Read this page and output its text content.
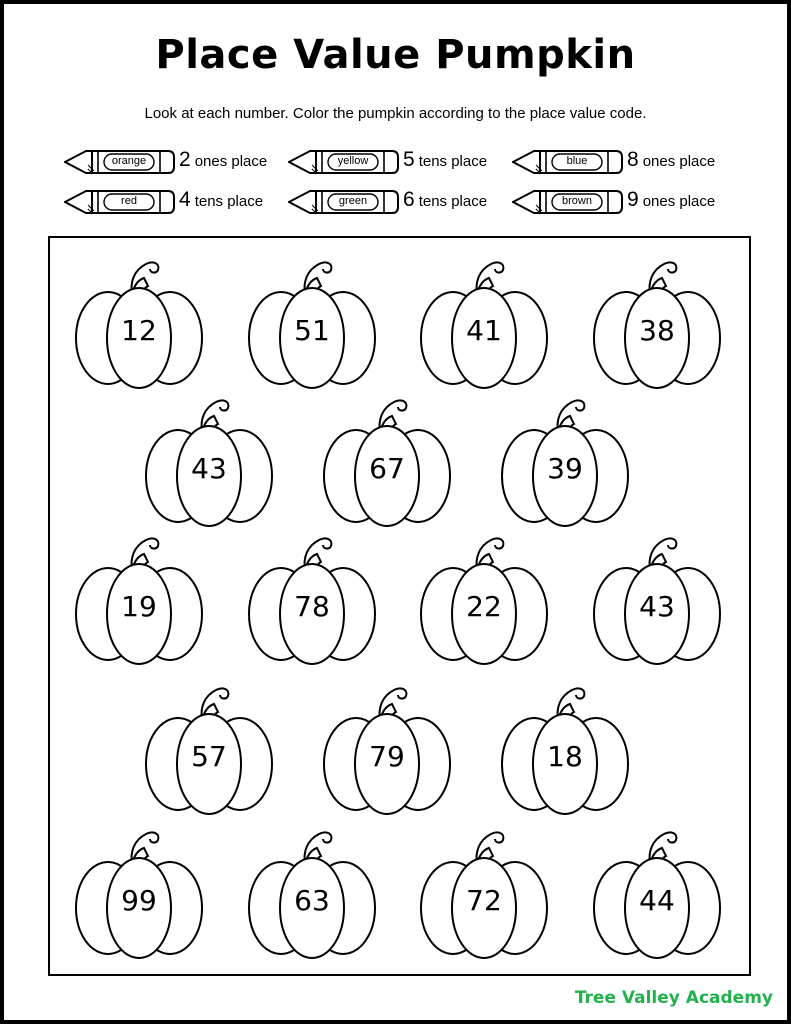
Place Value Pumpkin
Look at each number. Color the pumpkin according to the place value code.
orange	2 ones place	yellow	5 tens place	blue	8 ones place
red	4 tens place	green	6 tens place	brown	9 ones place
12	51	41	38
43	67	39
19	78	22	43
57	79	18
99	63	72	44
Tree Valley Academy
